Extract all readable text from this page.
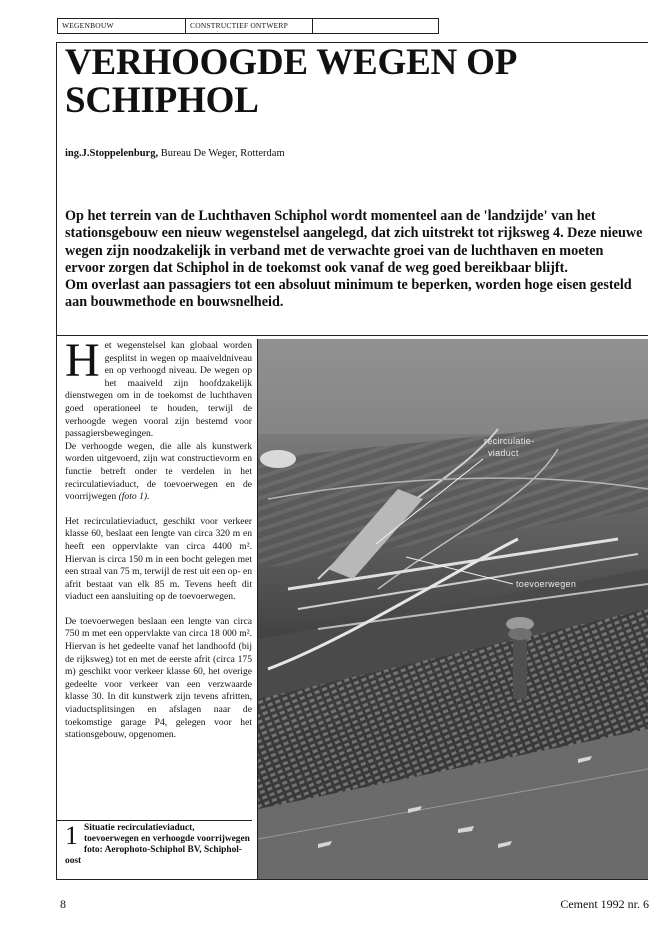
WEGENBOUW	CONSTRUCTIEF ONTWERP
VERHOOGDE WEGEN OP
SCHIPHOL
ing.J.Stoppelenburg, Bureau De Weger, Rotterdam

Op het terrein van de Luchthaven Schiphol wordt momenteel aan de 'landzijde' van het stationsgebouw een nieuw wegenstelsel aangelegd, dat zich uitstrekt tot rijksweg 4. Deze nieuwe wegen zijn noodzakelijk in verband met de verwachte groei van de luchthaven en moeten ervoor zorgen dat Schiphol in de toekomst ook vanaf de weg goed bereikbaar blijft.

Om overlast aan passagiers tot een absoluut minimum te beperken, worden hoge eisen gesteld aan bouwmethode en bouwsnelheid.

Het wegenstelsel kan globaal worden gesplitst in wegen op maaiveldniveau en op verhoogd niveau. De wegen op het maaiveld zijn hoofdzakelijk dienstwegen om in de toekomst de luchthaven goed operationeel te houden, terwijl de verhoogde wegen vooral zijn bestemd voor passagiersbewegingen.

De verhoogde wegen, die alle als kunstwerk worden uitgevoerd, zijn wat constructievorm en functie betreft onder te verdelen in het recirculatieviaduct, de toevoerwegen en de voorrijwegen (foto 1).

Het recirculatieviaduct, geschikt voor verkeer klasse 60, beslaat een lengte van circa 320 m en heeft een oppervlakte van circa 4400 m². Hiervan is circa 150 m in een bocht gelegen met een straal van 75 m, terwijl de rest uit een op- en afrit bestaat van elk 85 m. Tevens heeft dit viaduct een aansluiting op de toevoerwegen.

De toevoerwegen beslaan een lengte van circa 750 m met een oppervlakte van circa 18 000 m². Hiervan is het gedeelte vanaf het landhoofd (bij de rijksweg) tot en met de eerste afrit (circa 175 m) geschikt voor verkeer klasse 60, het overige gedeelte voor verkeer van een verzwaarde klasse 30. In dit kunstwerk zijn tevens afritten, viaductsplitsingen en afslagen naar de toekomstige garage P4, gelegen voor het stationsgebouw, opgenomen.

recirculatie-
viaduct
toevoerwegen
1 Situatie recirculatieviaduct, toevoerwegen en verhoogde voorrijwegen
foto: Aerophoto-Schiphol BV, Schiphol-oost
8	Cement 1992 nr. 6
